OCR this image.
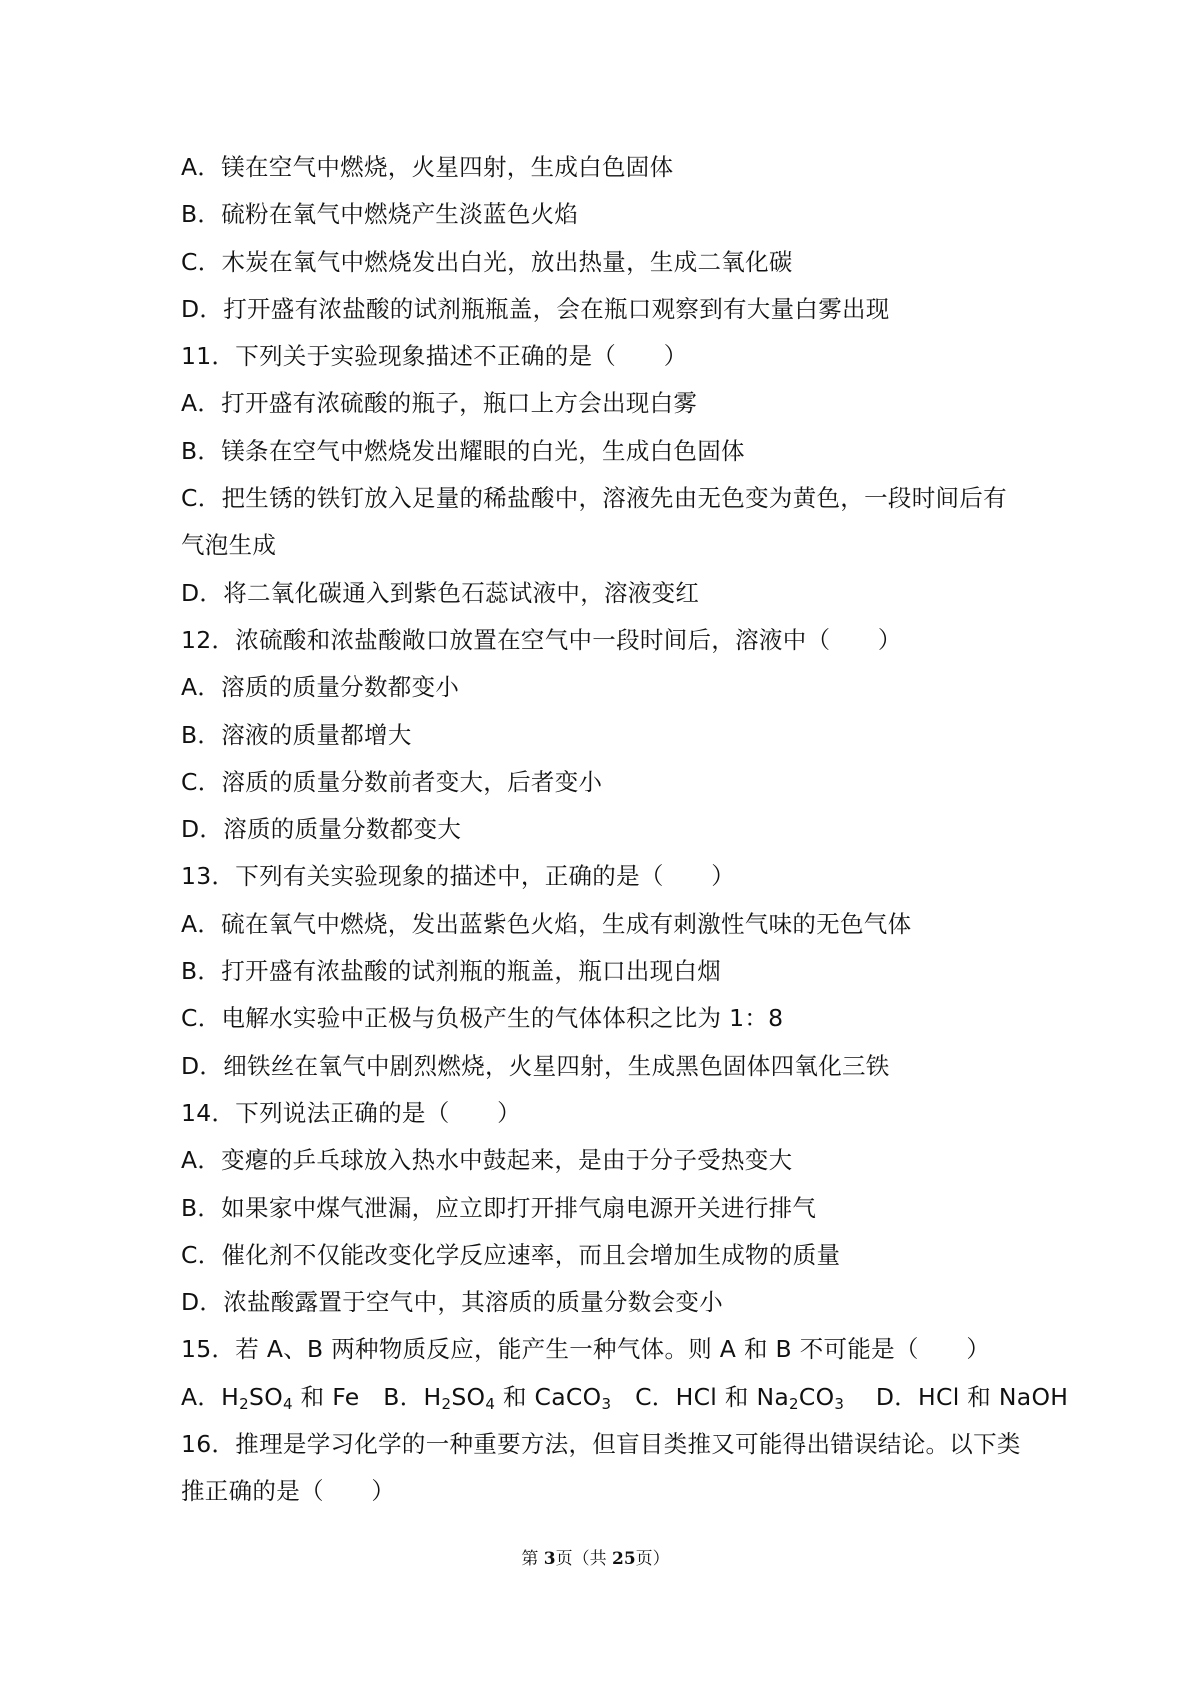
A．镁在空气中燃烧，火星四射，生成白色固体
B．硫粉在氧气中燃烧产生淡蓝色火焰
C．木炭在氧气中燃烧发出白光，放出热量，生成二氧化碳
D．打开盛有浓盐酸的试剂瓶瓶盖，会在瓶口观察到有大量白雾出现
11．下列关于实验现象描述不正确的是（　　）
A．打开盛有浓硫酸的瓶子，瓶口上方会出现白雾
B．镁条在空气中燃烧发出耀眼的白光，生成白色固体
C．把生锈的铁钉放入足量的稀盐酸中，溶液先由无色变为黄色，一段时间后有
气泡生成
D．将二氧化碳通入到紫色石蕊试液中，溶液变红
12．浓硫酸和浓盐酸敞口放置在空气中一段时间后，溶液中（　　）
A．溶质的质量分数都变小
B．溶液的质量都增大
C．溶质的质量分数前者变大，后者变小
D．溶质的质量分数都变大
13．下列有关实验现象的描述中，正确的是（　　）
A．硫在氧气中燃烧，发出蓝紫色火焰，生成有刺激性气味的无色气体
B．打开盛有浓盐酸的试剂瓶的瓶盖，瓶口出现白烟
C．电解水实验中正极与负极产生的气体体积之比为 1：8
D．细铁丝在氧气中剧烈燃烧，火星四射，生成黑色固体四氧化三铁
14．下列说法正确的是（　　）
A．变瘪的乒乓球放入热水中鼓起来，是由于分子受热变大
B．如果家中煤气泄漏，应立即打开排气扇电源开关进行排气
C．催化剂不仅能改变化学反应速率，而且会增加生成物的质量
D．浓盐酸露置于空气中，其溶质的质量分数会变小
15．若 A、B 两种物质反应，能产生一种气体。则 A 和 B 不可能是（　　）
A．$H_2SO_4$ 和 Fe　B．$H_2SO_4$ 和 CaCO$_3$　C．HCl 和 $Na_2CO_3$　 D．HCl 和 NaOH
16．推理是学习化学的一种重要方法，但盲目类推又可能得出错误结论。以下类
推正确的是（　　）
第 3页（共 25页）
